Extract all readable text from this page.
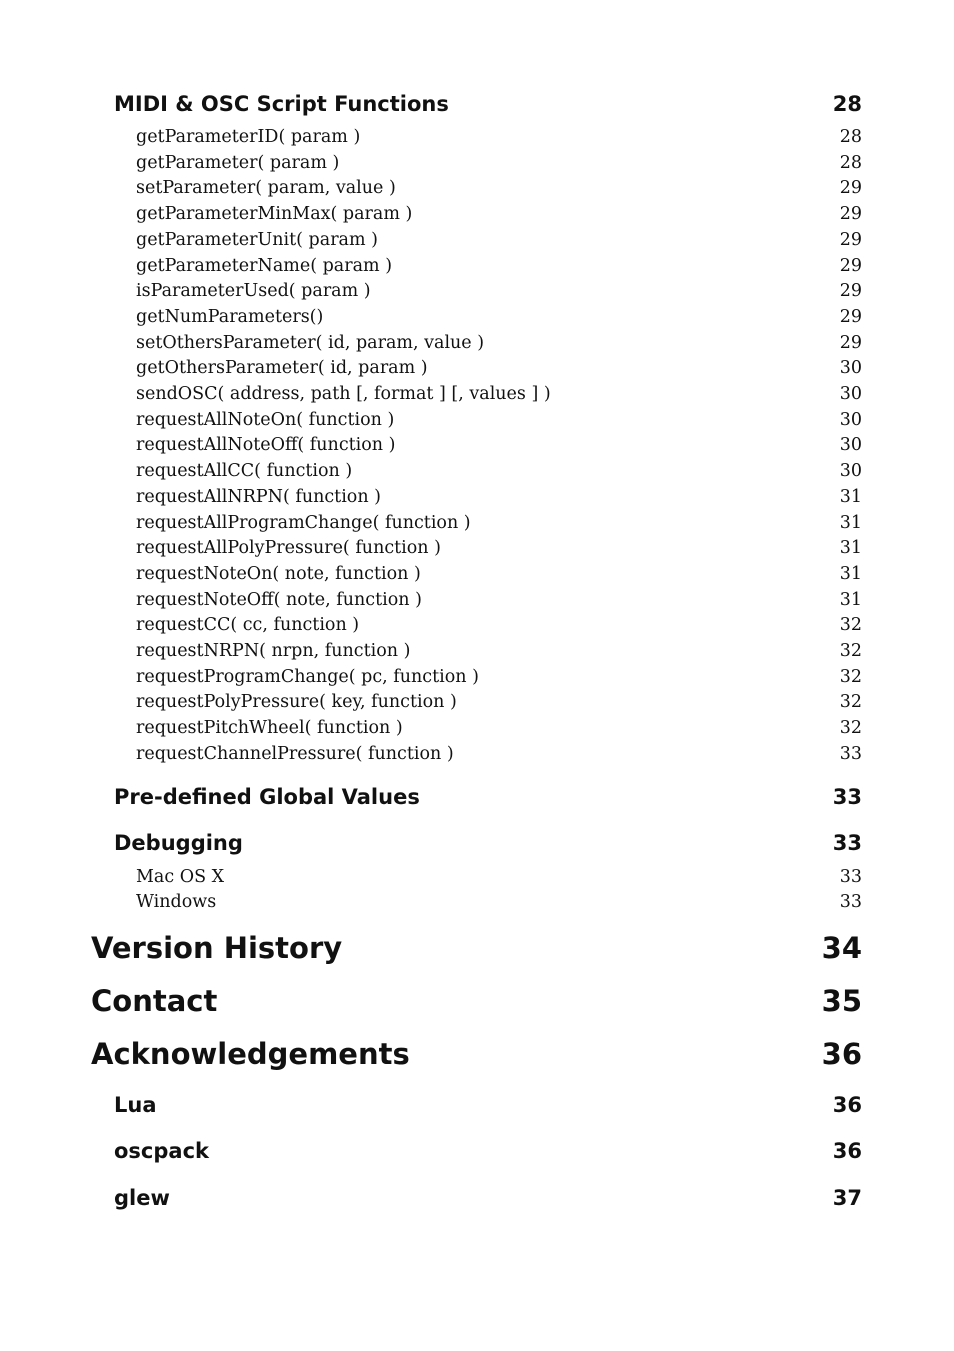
MIDI & OSC Script Functions	28
getParameterID( param )	28
getParameter( param )	28
setParameter( param, value )	29
getParameterMinMax( param )	29
getParameterUnit( param )	29
getParameterName( param )	29
isParameterUsed( param )	29
getNumParameters()	29
setOthersParameter( id, param, value )	29
getOthersParameter( id, param )	30
sendOSC( address, path [, format ] [, values ] )	30
requestAllNoteOn( function )	30
requestAllNoteOff( function )	30
requestAllCC( function )	30
requestAllNRPN( function )	31
requestAllProgramChange( function )	31
requestAllPolyPressure( function )	31
requestNoteOn( note, function )	31
requestNoteOff( note, function )	31
requestCC( cc, function )	32
requestNRPN( nrpn, function )	32
requestProgramChange( pc, function )	32
requestPolyPressure( key, function )	32
requestPitchWheel( function )	32
requestChannelPressure( function )	33
Pre-defined Global Values	33
Debugging	33
Mac OS X	33
Windows	33
Version History	34
Contact	35
Acknowledgements	36
Lua	36
oscpack	36
glew	37
